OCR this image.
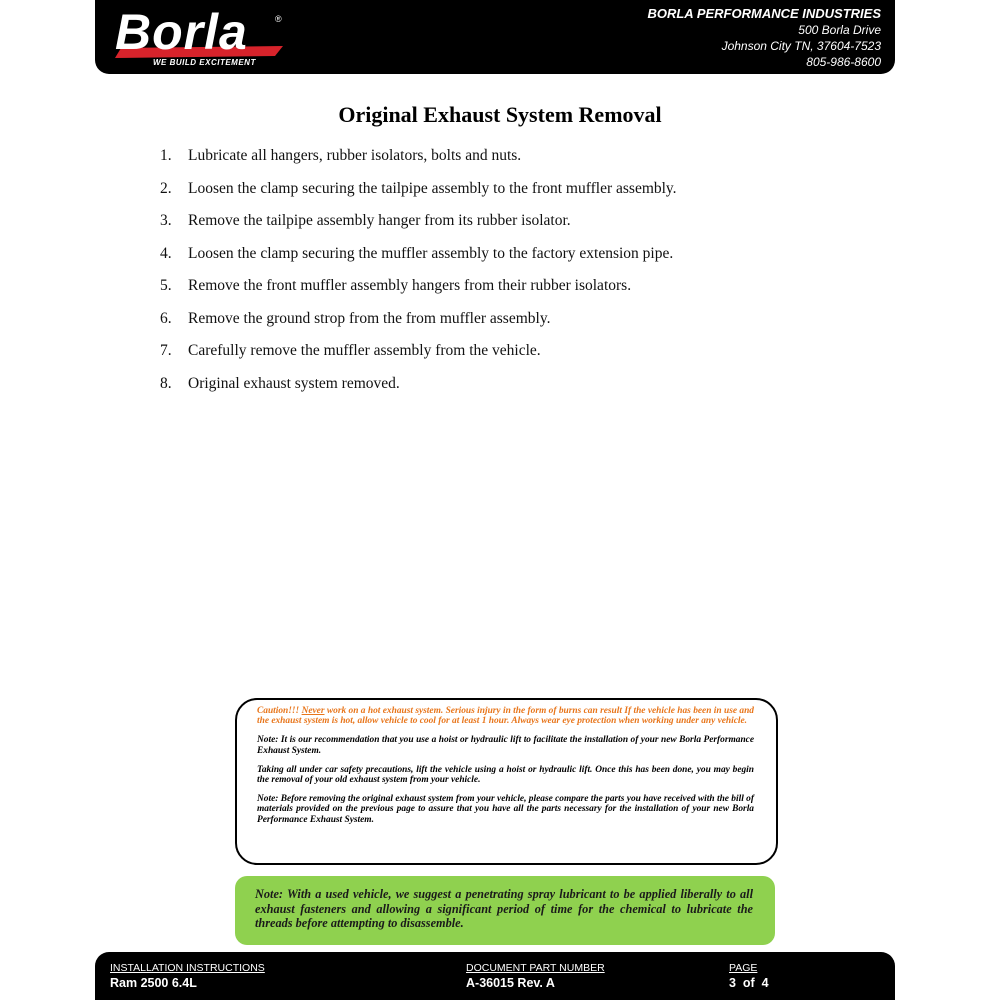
Borla	®
WE BUILD EXCITEMENT
BORLA PERFORMANCE INDUSTRIES
500 Borla Drive
Johnson City TN, 37604-7523
805-986-8600
Original Exhaust System Removal
1.	Lubricate all hangers, rubber isolators, bolts and nuts.
2.	Loosen the clamp securing the tailpipe assembly to the front muffler assembly.
3.	Remove the tailpipe assembly hanger from its rubber isolator.
4.	Loosen the clamp securing the muffler assembly to the factory extension pipe.
5.	Remove the front muffler assembly hangers from their rubber isolators.
6.	Remove the ground strop from the from muffler assembly.
7.	Carefully remove the muffler assembly from the vehicle.
8.	Original exhaust system removed.

Caution!!! Never work on a hot exhaust system. Serious injury in the form of burns can result If the vehicle has been in use and the exhaust system is hot, allow vehicle to cool for at least 1 hour. Always wear eye protection when working under any vehicle.

Note: It is our recommendation that you use a hoist or hydraulic lift to facilitate the installation of your new Borla Performance Exhaust System.

Taking all under car safety precautions, lift the vehicle using a hoist or hydraulic lift. Once this has been done, you may begin the removal of your old exhaust system from your vehicle.

Note: Before removing the original exhaust system from your vehicle, please compare the parts you have received with the bill of materials provided on the previous page to assure that you have all the parts necessary for the installation of your new Borla Performance Exhaust System.

Note: With a used vehicle, we suggest a penetrating spray lubricant to be applied liberally to all exhaust fasteners and allowing a significant period of time for the chemical to lubricate the threads before attempting to disassemble.
INSTALLATION INSTRUCTIONS
Ram 2500 6.4L
DOCUMENT PART NUMBER
A-36015 Rev. A
PAGE
3  of  4
